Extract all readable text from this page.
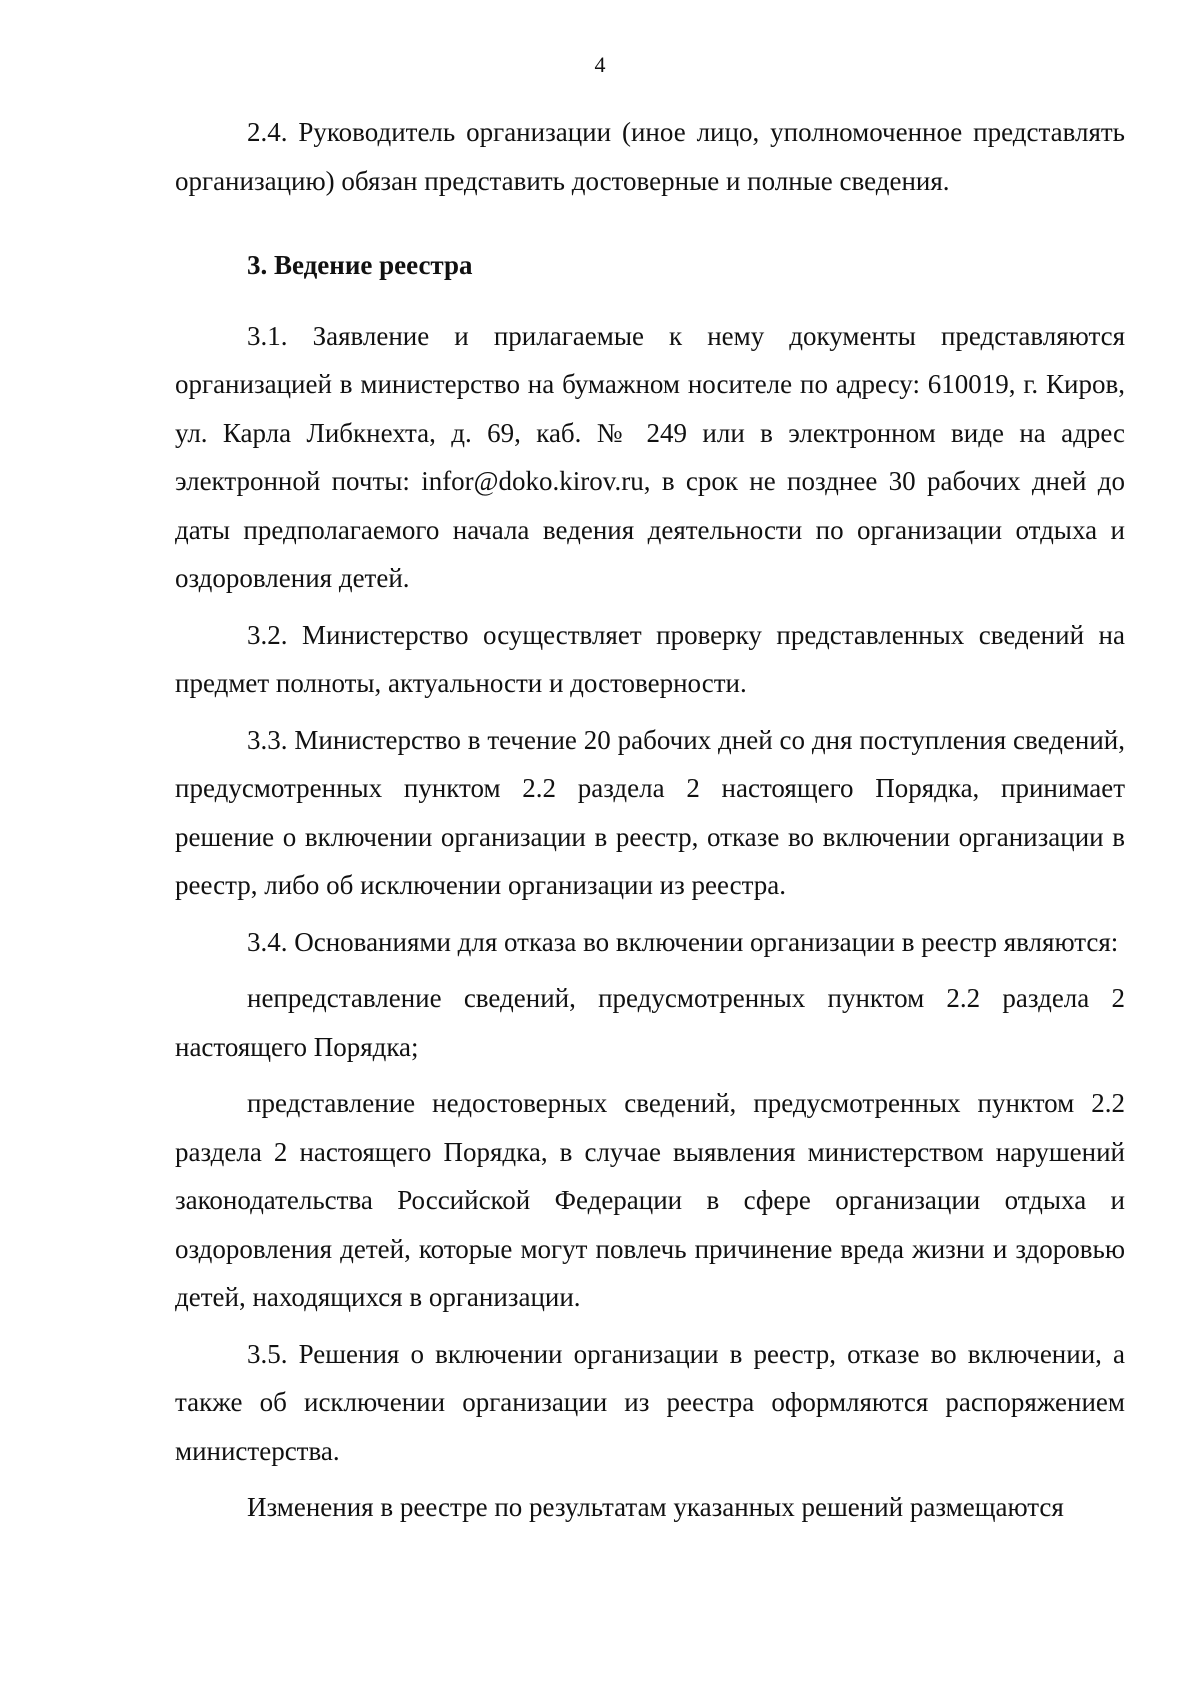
4

2.4. Руководитель организации (иное лицо, уполномоченное представлять организацию) обязан представить достоверные и полные сведения.

3. Ведение реестра

3.1. Заявление и прилагаемые к нему документы представляются организацией в министерство на бумажном носителе по адресу: 610019, г. Киров, ул. Карла Либкнехта, д. 69, каб. № 249 или в электронном виде на адрес электронной почты: infor@doko.kirov.ru, в срок не позднее 30 рабочих дней до даты предполагаемого начала ведения деятельности по организации отдыха и оздоровления детей.

3.2. Министерство осуществляет проверку представленных сведений на предмет полноты, актуальности и достоверности.

3.3. Министерство в течение 20 рабочих дней со дня поступления сведений, предусмотренных пунктом 2.2 раздела 2 настоящего Порядка, принимает решение о включении организации в реестр, отказе во включении организации в реестр, либо об исключении организации из реестра.

3.4. Основаниями для отказа во включении организации в реестр являются:

непредставление сведений, предусмотренных пунктом 2.2 раздела 2 настоящего Порядка;

представление недостоверных сведений, предусмотренных пунктом 2.2 раздела 2 настоящего Порядка, в случае выявления министерством нарушений законодательства Российской Федерации в сфере организации отдыха и оздоровления детей, которые могут повлечь причинение вреда жизни и здоровью детей, находящихся в организации.

3.5. Решения о включении организации в реестр, отказе во включении, а также об исключении организации из реестра оформляются распоряжением министерства.

Изменения в реестре по результатам указанных решений размещаются
